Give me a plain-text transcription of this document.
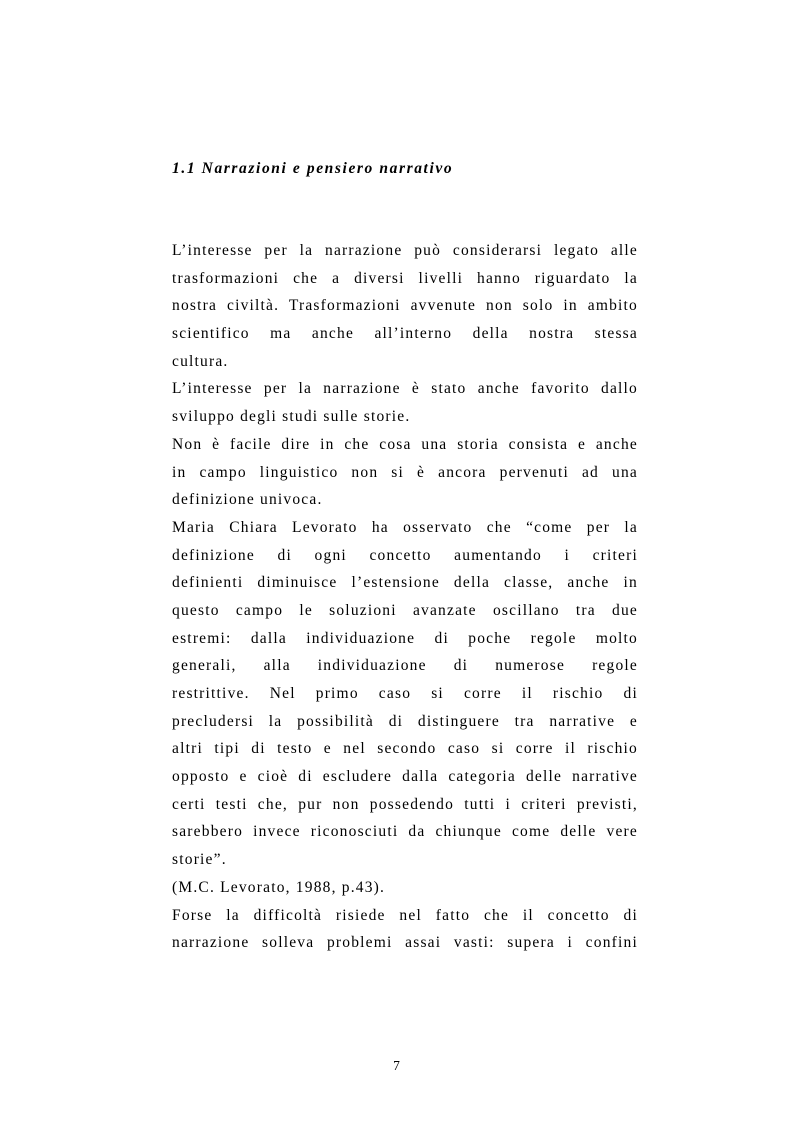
1.1 Narrazioni e pensiero narrativo

L’interesse per la narrazione può considerarsi legato alle
trasformazioni che a diversi livelli hanno riguardato la
nostra civiltà. Trasformazioni avvenute non solo in ambito
scientifico ma anche all’interno della nostra stessa
cultura.

L’interesse per la narrazione è stato anche favorito dallo
sviluppo degli studi sulle storie.

Non è facile dire in che cosa una storia consista e anche
in campo linguistico non si è ancora pervenuti ad una
definizione univoca.

Maria Chiara Levorato ha osservato che “come per la
definizione di ogni concetto aumentando i criteri
definienti diminuisce l’estensione della classe, anche in
questo campo le soluzioni avanzate oscillano tra due
estremi: dalla individuazione di poche regole molto
generali, alla individuazione di numerose regole
restrittive. Nel primo caso si corre il rischio di
precludersi la possibilità di distinguere tra narrative e
altri tipi di testo e nel secondo caso si corre il rischio
opposto e cioè di escludere dalla categoria delle narrative
certi testi che, pur non possedendo tutti i criteri previsti,
sarebbero invece riconosciuti da chiunque come delle vere
storie”.

(M.C. Levorato, 1988, p.43).

Forse la difficoltà risiede nel fatto che il concetto di
narrazione solleva problemi assai vasti: supera i confini

7
